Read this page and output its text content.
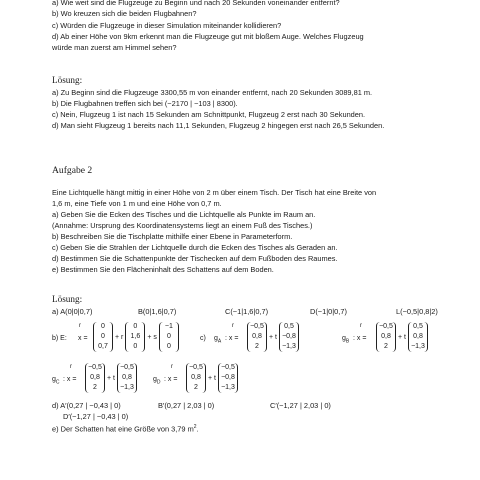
a) Wie weit sind die Flugzeuge zu Beginn und nach 20 Sekunden voneinander entfernt?
b) Wo kreuzen sich die beiden Flugbahnen?
c) Würden die Flugzeuge in dieser Simulation miteinander kollidieren?
d) Ab einer Höhe von 9km erkennt man die Flugzeuge gut mit bloßem Auge. Welches Flugzeug
würde man zuerst am Himmel sehen?
Lösung:
a) Zu Beginn sind die Flugzeuge 3300,55 m von einander entfernt, nach 20 Sekunden 3089,81 m.
b) Die Flugbahnen treffen sich bei (−2170 | −103 | 8300).
c) Nein, Flugzeug 1 ist nach 15 Sekunden am Schnittpunkt, Flugzeug 2 erst nach 30 Sekunden.
d) Man sieht Flugzeug 1 bereits nach 11,1 Sekunden, Flugzeug 2 hingegen erst nach 26,5 Sekunden.
Aufgabe 2
Eine Lichtquelle hängt mittig in einer Höhe von 2 m über einem Tisch. Der Tisch hat eine Breite von
1,6 m, eine Tiefe von 1 m und eine Höhe von 0,7 m.
a) Geben Sie die Ecken des Tisches und die Lichtquelle als Punkte im Raum an.
(Annahme: Ursprung des Koordinatensystems liegt an einem Fuß des Tisches.)
b) Beschreiben Sie die Tischplatte mithilfe einer Ebene in Parameterform.
c) Geben Sie die Strahlen der Lichtquelle durch die Ecken des Tisches als Geraden an.
d) Bestimmen Sie die Schattenpunkte der Tischecken auf dem Fußboden des Raumes.
e) Bestimmen Sie den Flächeninhalt des Schattens auf dem Boden.
Lösung:
a) A(0|0|0,7)	B(0|1,6|0,7)	C(−1|1,6|0,7)	D(−1|0|0,7)	L(−0,5|0,8|2)
b) E:
r
x =
0
0
0,7
+ r
0
1,6
0
+ s
−1
0
0
c) $g_A$
r
: x =
−0,5
0,8
2
+ t
0,5
−0,8
−1,3
$g_B$
r
: x =
−0,5
0,8
2
+ t
0,5
0,8
−1,3
$g_C$
r
: x =
−0,5
0,8
2
+ t
−0,5
0,8
−1,3
$g_D$
r
: x =
−0,5
0,8
2
+ t
−0,5
−0,8
−1,3
d) A′(0,27 | −0,43 | 0)	B′(0,27 | 2,03 | 0)	C′(−1,27 | 2,03 | 0)
D′(−1,27 | −0,43 | 0)
e) Der Schatten hat eine Größe von 3,79 $m^2$.
